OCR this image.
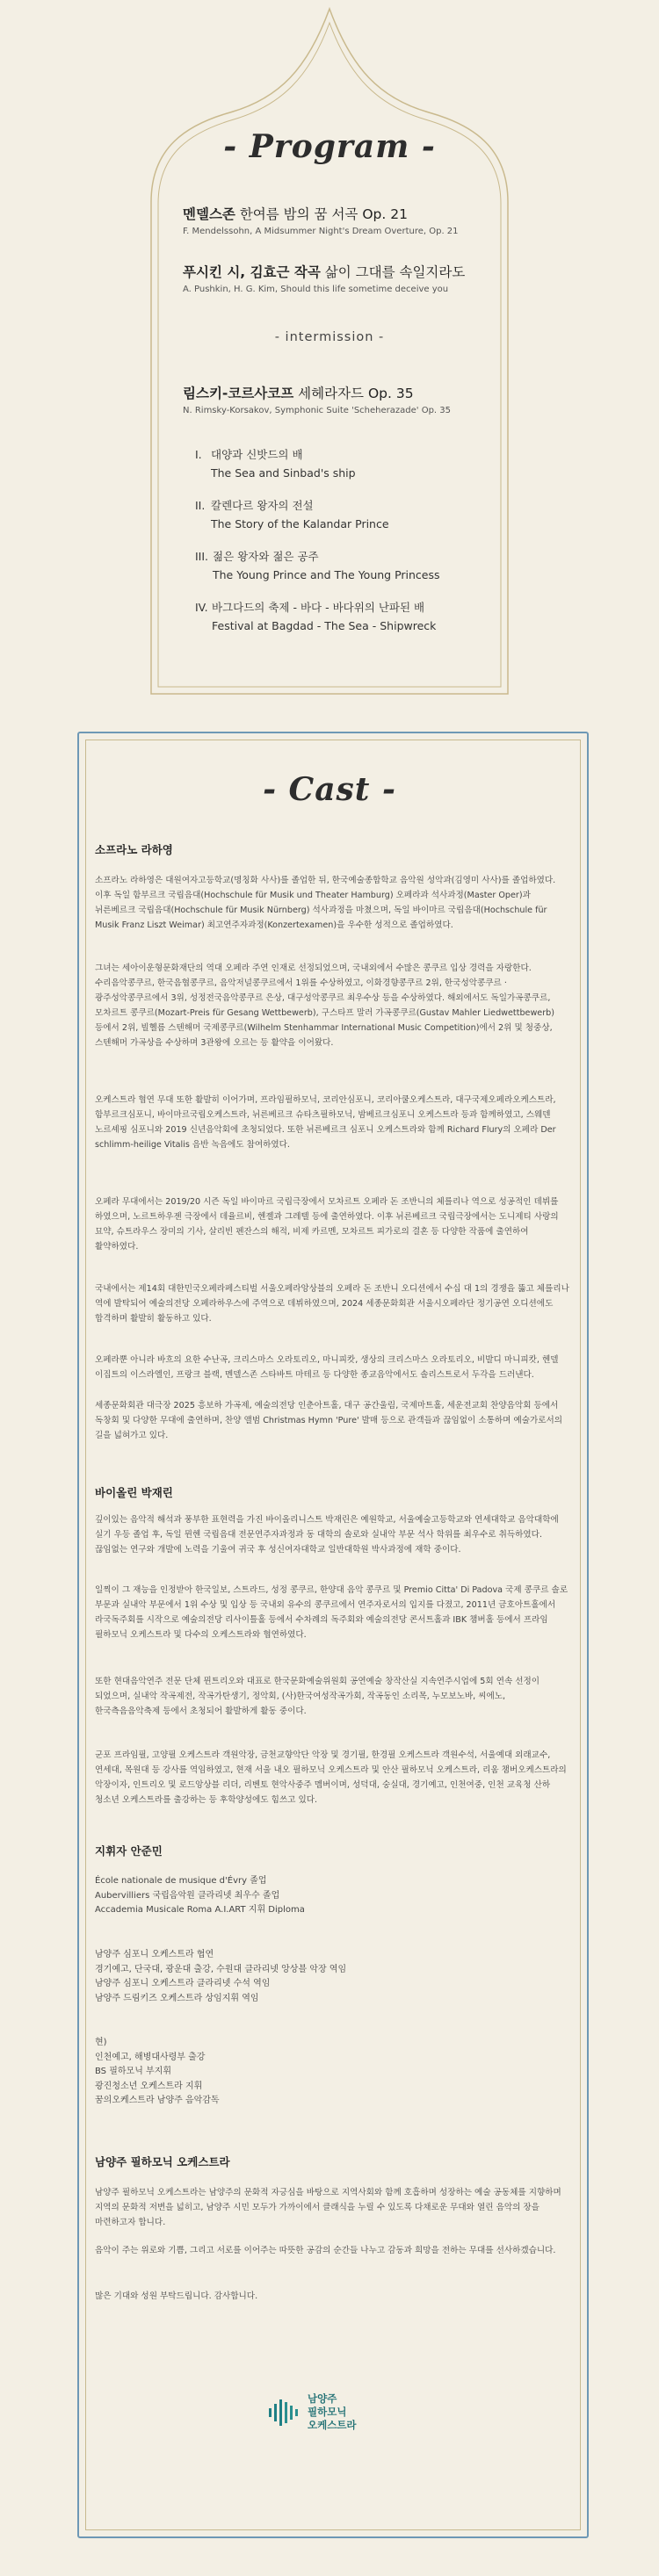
- Program -
멘델스존 한여름 밤의 꿈 서곡 Op. 21
F. Mendelssohn, A Midsummer Night's Dream Overture, Op. 21
푸시킨 시, 김효근 작곡 삶이 그대를 속일지라도
A. Pushkin, H. G. Kim, Should this life sometime deceive you
- intermission -
림스키-코르사코프 세헤라자드 Op. 35
N. Rimsky-Korsakov, Symphonic Suite 'Scheherazade' Op. 35
I. 대양과 신밧드의 배
The Sea and Sinbad's ship
II. 칼렌다르 왕자의 전설
The Story of the Kalandar Prince
III. 젊은 왕자와 젊은 공주
The Young Prince and The Young Princess
IV. 바그다드의 축제 - 바다 - 바다위의 난파된 배
Festival at Bagdad - The Sea - Shipwreck
- Cast -
소프라노 라하영
소프라노 라하영은 대원여자고등학교(명칭화 사사)를 졸업한 뒤, 한국예술종합학교 음악원 성악과(김영미 사사)를 졸업하였다. 이후 독일 함부르크 국립음대(Hochschule für Musik und Theater Hamburg) 오페라과 석사과정(Master Oper)과 뉘른베르크 국립음대(Hochschule für Musik Nürnberg) 석사과정을 마쳤으며, 독일 바이마르 국립음대(Hochschule für Musik Franz Liszt Weimar) 최고연주자과정(Konzertexamen)을 우수한 성적으로 졸업하였다.
그녀는 세아이운형문화재단의 역대 오페라 주연 인재로 선정되었으며, 국내외에서 수많은 콩쿠르 입상 경력을 자랑한다. 수리음악콩쿠르, 한국음협콩쿠르, 음악저널콩쿠르에서 1위를 수상하였고, 이화경향콩쿠르 2위, 한국성악콩쿠르 · 광주성악콩쿠르에서 3위, 성정전국음악콩쿠르 은상, 대구성악콩쿠르 최우수상 등을 수상하였다. 해외에서도 독일가곡콩쿠르, 모차르트 콩쿠르(Mozart-Preis für Gesang Wettbewerb), 구스타프 말러 가곡콩쿠르(Gustav Mahler Liedwettbewerb) 등에서 2위, 빌헬름 스텐해머 국제콩쿠르(Wilhelm Stenhammar International Music Competition)에서 2위 및 청중상, 스텐해머 가곡상을 수상하며 3관왕에 오르는 등 활약을 이어왔다.
오케스트라 협연 무대 또한 활발히 이어가며, 프라임필하모닉, 코리안심포니, 코리아쿨오케스트라, 대구국제오페라오케스트라, 함부르크심포니, 바이마르국립오케스트라, 뉘른베르크 슈타츠필하모닉, 밤베르크심포니 오케스트라 등과 함께하였고, 스웨덴 노르셰핑 심포니와 2019 신년음악회에 초청되었다. 또한 뉘른베르크 심포니 오케스트라와 함께 Richard Flury의 오페라 Der schlimm-heilige Vitalis 음반 녹음에도 참여하였다.
오페라 무대에서는 2019/20 시즌 독일 바이마르 국립극장에서 모차르트 오페라 돈 조반니의 체를리나 역으로 성공적인 데뷔를 하였으며, 노르트하우젠 극장에서 데율르비, 헨젤과 그레텔 등에 출연하였다. 이후 뉘른베르크 국립극장에서는 도니제티 사랑의 묘약, 슈트라우스 장미의 기사, 살리빈 펜잔스의 해적, 비제 카르멘, 모차르트 피가로의 결혼 등 다양한 작품에 출연하여 활약하였다.
국내에서는 제14회 대한민국오페라페스티벌 서울오페라앙상블의 오페라 돈 조반니 오디션에서 수십 대 1의 경쟁을 뚫고 체를리나 역에 발탁되어 예술의전당 오페라하우스에 주역으로 데뷔하였으며, 2024 세종문화회관 서울시오페라단 정기공연 오디션에도 합격하며 활발히 활동하고 있다.
오페라뿐 아니라 바흐의 요한 수난곡, 크리스마스 오라토리오, 마니피캇, 생상의 크리스마스 오라토리오, 비발디 마니피캇, 헨델 이집트의 이스라엘인, 프랑크 블랙, 멘델스존 스타바트 마테르 등 다양한 종교음악에서도 솔리스트로서 두각을 드러낸다.
세종문화회관 대극장 2025 흥보하 가곡제, 예술의전당 인춘아트홀, 대구 공간울림, 국제마트홀, 세운전교회 찬양음악회 등에서 독창회 및 다양한 무대에 출연하며, 찬양 앨범 Christmas Hymn 'Pure' 발매 등으로 관객들과 끊임없이 소통하며 예술가로서의 길을 넓혀가고 있다.
바이올린 박재린
깊이있는 음악적 해석과 풍부한 표현력을 가진 바이올리니스트 박재린은 예원학교, 서울예술고등학교와 연세대학교 음악대학에 실기 우등 졸업 후, 독일 뮌헨 국립음대 전문연주자과정과 동 대학의 솔로와 실내악 부문 석사 학위를 최우수로 취득하였다. 끊임없는 연구와 개발에 노력을 기울여 귀국 후 성신여자대학교 일반대학원 박사과정에 재학 중이다.
일찍이 그 재능을 인정받아 한국일보, 스트라드, 성정 콩쿠르, 한양대 음악 콩쿠르 및 Premio Citta' Di Padova 국제 콩쿠르 솔로 부문과 실내악 부문에서 1위 수상 및 입상 등 국내외 유수의 콩쿠르에서 연주자로서의 입지를 다졌고, 2011년 금호아트홀에서 라국독주회를 시작으로 예술의전당 리사이틀홀 등에서 수차례의 독주회와 예술의전당 콘서트홀과 IBK 챔버홀 등에서 프라임 필하모닉 오케스트라 및 다수의 오케스트라와 협연하였다.
또한 현대음악연주 전문 단체 뮌트리오와 대표로 한국문화예술위원회 공연예술 창작산실 지속연주시업에 5회 연속 선정이 되었으며, 실내악 작곡제전, 작곡가탄생기, 정악회, (사)한국여성작곡가회, 작곡동인 소리목, 누모보노바, 씨에노, 한국측음음악축제 등에서 초청되어 활발하게 활동 중이다.
군포 프라임필, 고양필 오케스트라 객원악장, 금천교향악단 악장 및 경기필, 한경필 오케스트라 객원수석, 서울예대 외래교수, 연세대, 목원대 등 강사를 역임하였고, 현재 서울 내오 필하모닉 오케스트라 및 안산 필하모닉 오케스트라, 리움 챔버오케스트라의 악장이자, 인트리오 및 로드앙상블 리더, 리벤토 현악사중주 멤버이며, 성덕대, 숭실대, 경기예고, 인천여중, 인천 교육청 산하 청소년 오케스트라를 출강하는 등 후학양성에도 힘쓰고 있다.
지휘자 안준민
École nationale de musique d'Évry 졸업
Aubervilliers 국립음악원 클라리넷 최우수 졸업
Accademia Musicale Roma A.I.ART 지휘 Diploma
남양주 심포니 오케스트라 협연
경기예고, 단국대, 광운대 출강, 수원대 클라리넷 앙상블 악장 역임
남양주 심포니 오케스트라 클라리넷 수석 역임
남양주 드림키즈 오케스트라 상임지휘 역임
현)
인천예고, 해병대사령부 출강
BS 필하모닉 부지휘
광진청소년 오케스트라 지휘
꿈의오케스트라 남양주 음악감독
남양주 필하모닉 오케스트라
남양주 필하모닉 오케스트라는 남양주의 문화적 자긍심을 바탕으로 지역사회와 함께 호흡하며 성장하는 예술 공동체를 지향하며 지역의 문화적 저변을 넓히고, 남양주 시민 모두가 가까이에서 클래식을 누릴 수 있도록 다채로운 무대와 열린 음악의 장을 마련하고자 합니다.
음악이 주는 위로와 기쁨, 그리고 서로를 이어주는 따뜻한 공감의 순간들 나누고 감동과 희망을 전하는 무대를 선사하겠습니다.
많은 기대와 성원 부탁드립니다. 감사합니다.
남양주
필하모닉
오케스트라
